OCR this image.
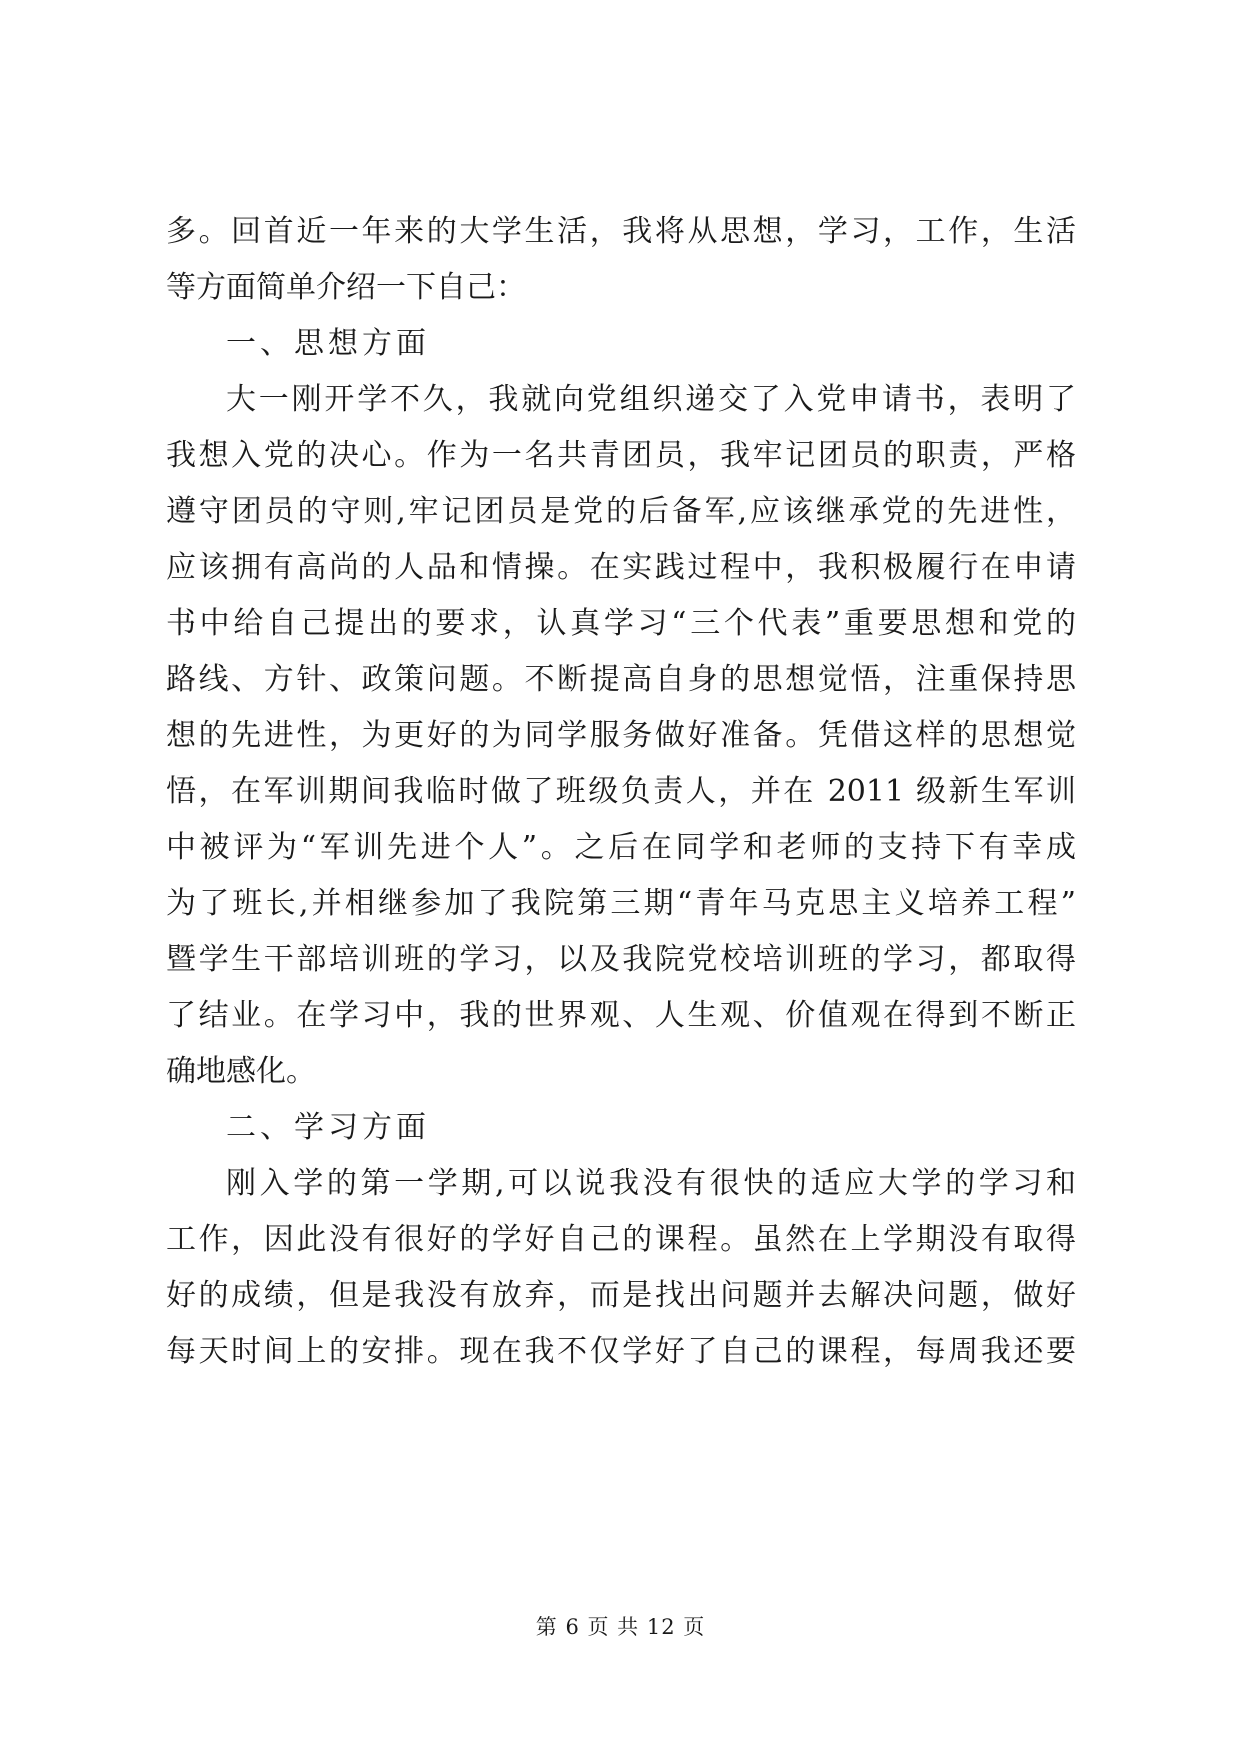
多。回首近一年来的大学生活，我将从思想，学习，工作，生活
等方面简单介绍一下自己：
一、思想方面
大一刚开学不久，我就向党组织递交了入党申请书，表明了
我想入党的决心。作为一名共青团员，我牢记团员的职责，严格
遵守团员的守则,牢记团员是党的后备军,应该继承党的先进性，
应该拥有高尚的人品和情操。在实践过程中，我积极履行在申请
书中给自己提出的要求，认真学习“三个代表”重要思想和党的
路线、方针、政策问题。不断提高自身的思想觉悟，注重保持思
想的先进性，为更好的为同学服务做好准备。凭借这样的思想觉
悟，在军训期间我临时做了班级负责人，并在 2011 级新生军训
中被评为“军训先进个人”。之后在同学和老师的支持下有幸成
为了班长,并相继参加了我院第三期“青年马克思主义培养工程”
暨学生干部培训班的学习，以及我院党校培训班的学习，都取得
了结业。在学习中，我的世界观、人生观、价值观在得到不断正
确地感化。
二、学习方面
刚入学的第一学期,可以说我没有很快的适应大学的学习和
工作，因此没有很好的学好自己的课程。虽然在上学期没有取得
好的成绩，但是我没有放弃，而是找出问题并去解决问题，做好
每天时间上的安排。现在我不仅学好了自己的课程，每周我还要
第 6 页 共 12 页
